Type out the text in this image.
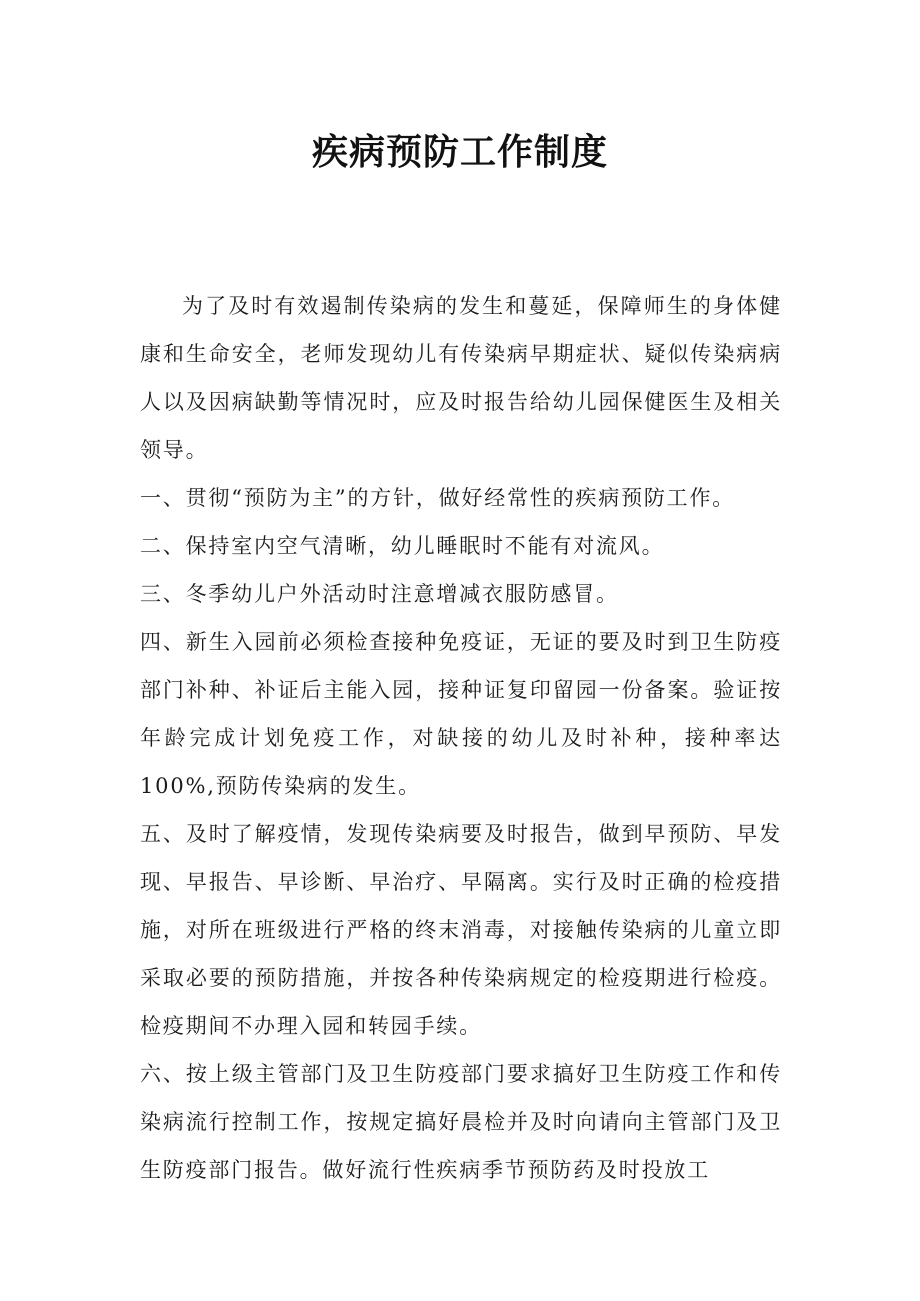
疾病预防工作制度

为了及时有效遏制传染病的发生和蔓延，保障师生的身体健康和生命安全，老师发现幼儿有传染病早期症状、疑似传染病病人以及因病缺勤等情况时，应及时报告给幼儿园保健医生及相关领导。

一、贯彻“预防为主”的方针，做好经常性的疾病预防工作。

二、保持室内空气清晰，幼儿睡眠时不能有对流风。

三、冬季幼儿户外活动时注意增减衣服防感冒。

四、新生入园前必须检查接种免疫证，无证的要及时到卫生防疫部门补种、补证后主能入园，接种证复印留园一份备案。验证按年龄完成计划免疫工作，对缺接的幼儿及时补种，接种率达100%,预防传染病的发生。

五、及时了解疫情，发现传染病要及时报告，做到早预防、早发现、早报告、早诊断、早治疗、早隔离。实行及时正确的检疫措施，对所在班级进行严格的终末消毒，对接触传染病的儿童立即采取必要的预防措施，并按各种传染病规定的检疫期进行检疫。检疫期间不办理入园和转园手续。

六、按上级主管部门及卫生防疫部门要求搞好卫生防疫工作和传染病流行控制工作，按规定搞好晨检并及时向请向主管部门及卫生防疫部门报告。做好流行性疾病季节预防药及时投放工
